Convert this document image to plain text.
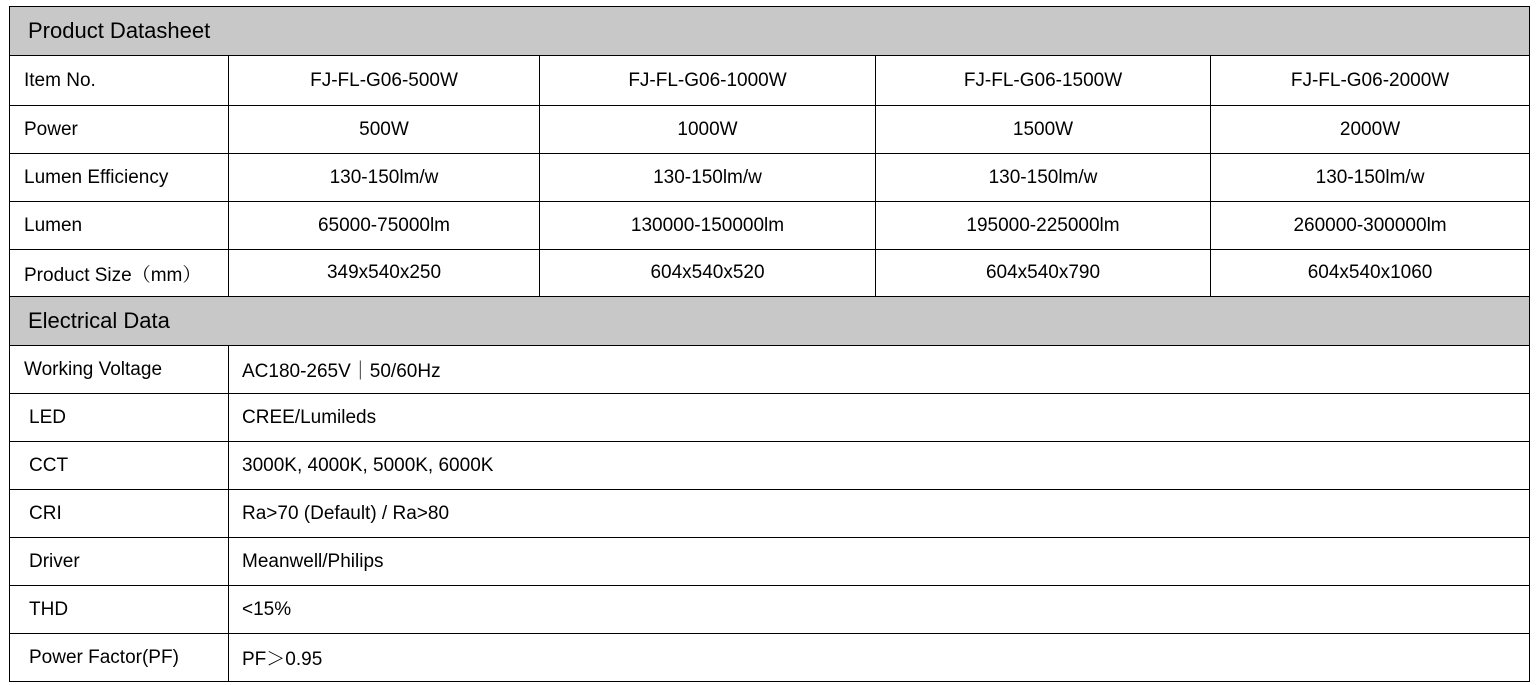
Product Datasheet				
Item No.	FJ-FL-G06-500W	FJ-FL-G06-1000W	FJ-FL-G06-1500W	FJ-FL-G06-2000W
Power	500W	1000W	1500W	2000W
Lumen Efficiency	130-150lm/w	130-150lm/w	130-150lm/w	130-150lm/w
Lumen	65000-75000lm	130000-150000lm	195000-225000lm	260000-300000lm
Product Size（mm）	349x540x250	604x540x520	604x540x790	604x540x1060
Electrical Data				
Working Voltage	AC180-265V｜50/60Hz			
LED	CREE/Lumileds			
CCT	3000K, 4000K, 5000K, 6000K			
CRI	Ra>70 (Default) / Ra>80			
Driver	Meanwell/Philips			
THD	<15%			
Power Factor(PF)	PF＞0.95			
